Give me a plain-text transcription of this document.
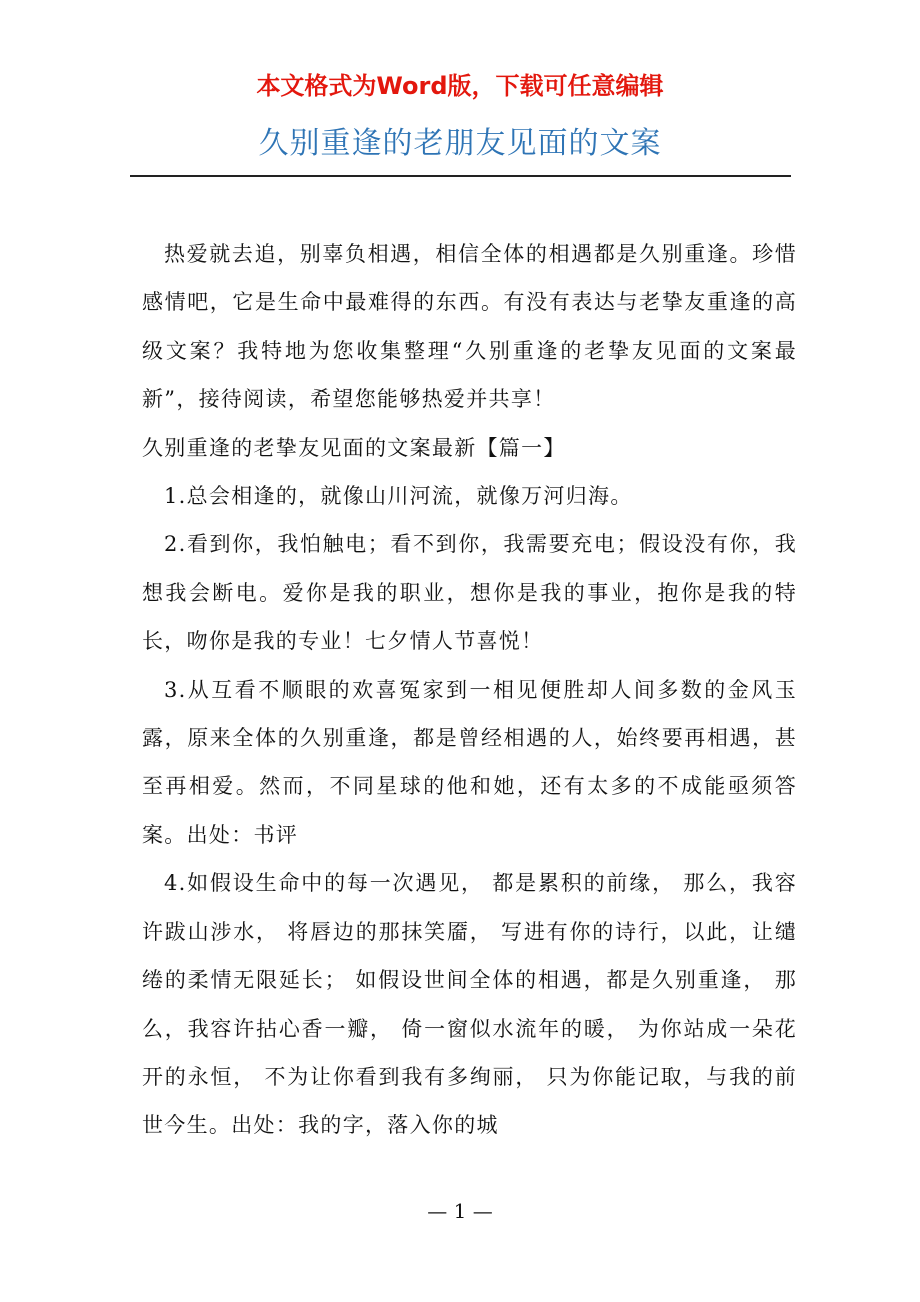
本文格式为Word版，下载可任意编辑
久别重逢的老朋友见面的文案

热爱就去追，别辜负相遇，相信全体的相遇都是久别重逢。珍惜感情吧，它是生命中最难得的东西。有没有表达与老挚友重逢的高级文案？我特地为您收集整理“久别重逢的老挚友见面的文案最新”，接待阅读，希望您能够热爱并共享！

久别重逢的老挚友见面的文案最新【篇一】

1.总会相逢的，就像山川河流，就像万河归海。

2.看到你，我怕触电；看不到你，我需要充电；假设没有你，我想我会断电。爱你是我的职业，想你是我的事业，抱你是我的特长，吻你是我的专业！七夕情人节喜悦！

3.从互看不顺眼的欢喜冤家到一相见便胜却人间多数的金风玉露，原来全体的久别重逢，都是曾经相遇的人，始终要再相遇，甚至再相爱。然而，不同星球的他和她，还有太多的不成能亟须答案。出处：书评

4.如假设生命中的每一次遇见， 都是累积的前缘， 那么，我容许跋山涉水， 将唇边的那抹笑靥， 写进有你的诗行，以此，让缱绻的柔情无限延长； 如假设世间全体的相遇，都是久别重逢， 那么，我容许拈心香一瓣， 倚一窗似水流年的暖， 为你站成一朵花开的永恒， 不为让你看到我有多绚丽， 只为你能记取，与我的前世今生。出处：我的字，落入你的城

— 1 —
